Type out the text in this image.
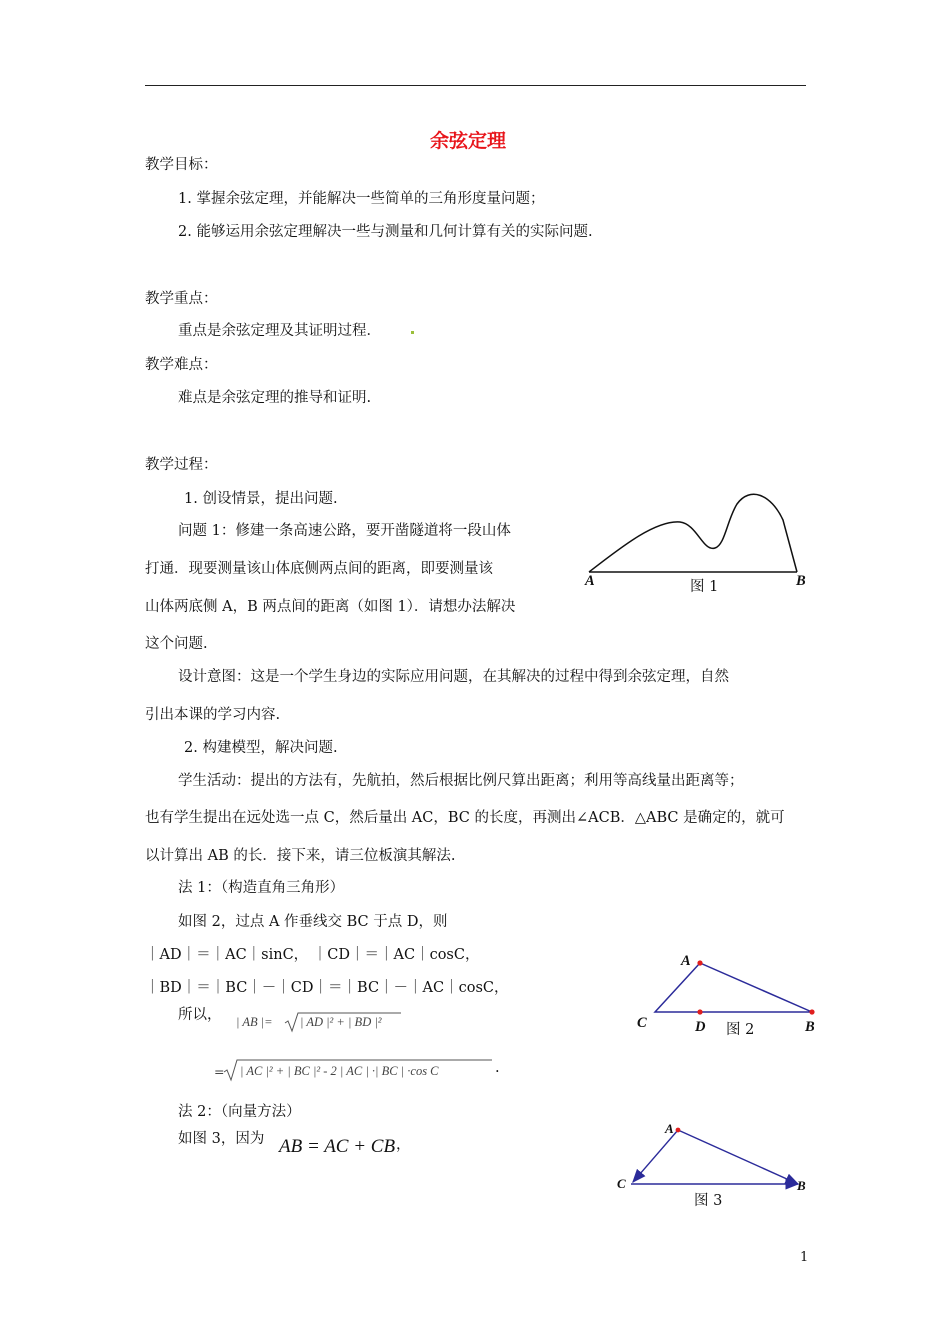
余弦定理
教学目标：
1. 掌握余弦定理，并能解决一些简单的三角形度量问题；
2. 能够运用余弦定理解决一些与测量和几何计算有关的实际问题.
教学重点：
重点是余弦定理及其证明过程．
教学难点：
难点是余弦定理的推导和证明.
教学过程：
1. 创设情景，提出问题.
问题 1：修建一条高速公路，要开凿隧道将一段山体
打通．现要测量该山体底侧两点间的距离，即要测量该
山体两底侧 A，B 两点间的距离（如图 1）．请想办法解决
这个问题.
A	B
图 1
设计意图：这是一个学生身边的实际应用问题，在其解决的过程中得到余弦定理，自然
引出本课的学习内容.
2. 构建模型，解决问题.
学生活动：提出的方法有，先航拍，然后根据比例尺算出距离；利用等高线量出距离等；
也有学生提出在远处选一点 C，然后量出 AC，BC 的长度，再测出∠ACB．△ABC 是确定的，就可
以计算出 AB 的长．接下来，请三位板演其解法.
法 1：（构造直角三角形）
如图 2，过点 A 作垂线交 BC 于点 D，则
｜AD｜＝｜AC｜sinC， ｜CD｜＝｜AC｜cosC，
｜BD｜＝｜BC｜－｜CD｜＝｜BC｜－｜AC｜cosC，
所以， | AB |= | AD |² + | BD |²
= | AC |² + | BC |² - 2 | AC | ·| BC | ·cos C	.
A
C	D	B
图 2
法 2：（向量方法）
如图 3，因为 AB = AC + CB ，
A
C	B
图 3
1
